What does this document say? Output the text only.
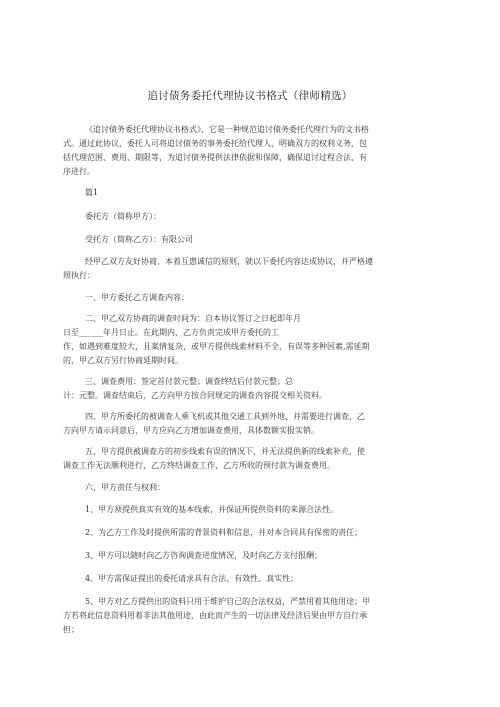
追讨债务委托代理协议书格式（律师精选）
《追讨债务委托代理协议书格式》，它是一种规范追讨债务委托代理行为的文书格
式。通过此协议，委托人可将追讨债务的事务委托给代理人，明确双方的权利义务，包
括代理范围、费用、期限等，为追讨债务提供法律依据和保障，确保追讨过程合法、有
序进行。
篇1
委托方（简称甲方）：
受托方（简称乙方）：有限公司
经甲乙双方友好协商，本着互惠诚信的原则，就以下委托内容达成协议，并严格遵
照执行：
一、甲方委托乙方调查内容：
二、甲乙双方协商的调查时间为：自本协议签订之日起即年月
日至______年月日止。在此期内，乙方负责完成甲方委托的工
作，如遇到难度较大，且案情复杂，或甲方提供线索材料不全，有误等多种因素,需延期
的，甲乙双方另行协商延期时间。
三、调查费用：签定首付款元整；调查终结后付款元整；总
计：元整。调查结束后，乙方向甲方按合同规定的调查内容提交相关资料。
四、甲方所委托的被调查人乘飞机或其他交通工具到外地，并需要进行调查，乙
方向甲方请示同意后，甲方应向乙方增加调查费用，具体数额实报实销。
五、甲方提供被调查方的初步线索有误的情况下，并无法提供新的线索补充，使
调查工作无法顺利进行，乙方终结调查工作，乙方所收的预付款为调查费用。
六、甲方责任与权利：
1、甲方须提供真实有效的基本线索，并保证所提供资料的来源合法性。
2、为乙方工作及时提供所需的背景资料和信息，并对本合同具有保密的责任；
3、甲方可以随时向乙方咨询调查进度情况，及时向乙方支付报酬；
4、甲方需保证提出的委托请求具有合法、有效性、真实性；
5、甲方对乙方提供出的资料只用于维护自己的合法权益，严禁用着其他用途；甲
方若将此信息资料用着非法其他用途，由此而产生的一切法律及经济后果由甲方自行承
担；
